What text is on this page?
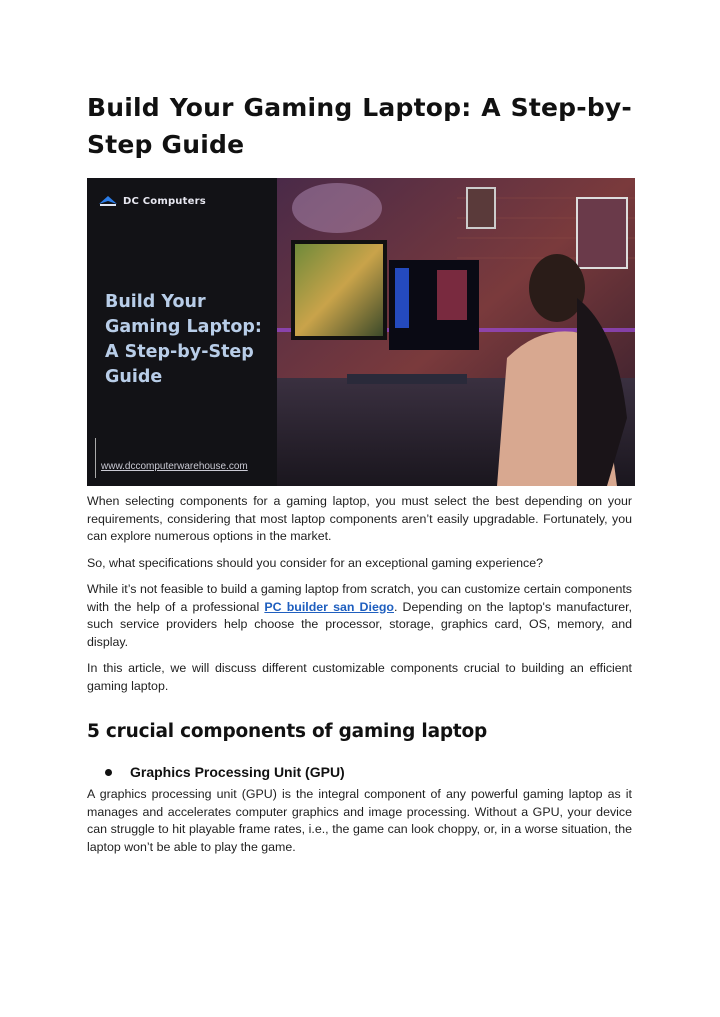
Build Your Gaming Laptop: A Step-by-Step Guide
DC Computers
Build Your
Gaming Laptop:
A Step-by-Step
Guide
www.dccomputerwarehouse.com

When selecting components for a gaming laptop, you must select the best depending on your requirements, considering that most laptop components aren’t easily upgradable. Fortunately, you can explore numerous options in the market.

So, what specifications should you consider for an exceptional gaming experience?

While it’s not feasible to build a gaming laptop from scratch, you can customize certain components with the help of a professional PC builder san Diego. Depending on the laptop's manufacturer, such service providers help choose the processor, storage, graphics card, OS, memory, and display.

In this article, we will discuss different customizable components crucial to building an efficient gaming laptop.

5 crucial components of gaming laptop
Graphics Processing Unit (GPU)

A graphics processing unit (GPU) is the integral component of any powerful gaming laptop as it manages and accelerates computer graphics and image processing. Without a GPU, your device can struggle to hit playable frame rates, i.e., the game can look choppy, or, in a worse situation, the laptop won’t be able to play the game.
